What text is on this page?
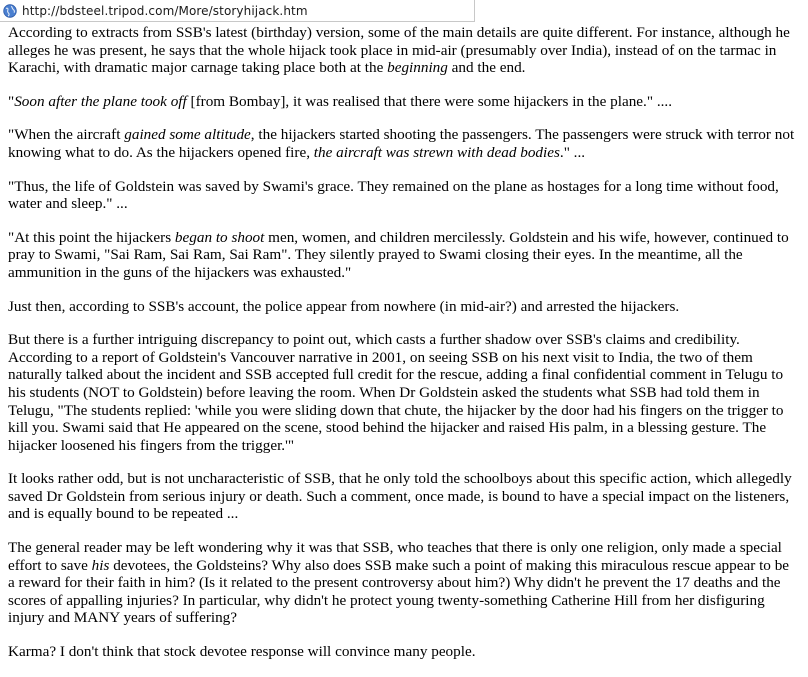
http://bdsteel.tripod.com/More/storyhijack.htm

According to extracts from SSB's latest (birthday) version, some of the main details are quite different. For instance, although he alleges he was present, he says that the whole hijack took place in mid-air (presumably over India), instead of on the tarmac in Karachi, with dramatic major carnage taking place both at the beginning and the end.

"Soon after the plane took off [from Bombay], it was realised that there were some hijackers in the plane." ....

"When the aircraft gained some altitude, the hijackers started shooting the passengers. The passengers were struck with terror not knowing what to do. As the hijackers opened fire, the aircraft was strewn with dead bodies." ...

"Thus, the life of Goldstein was saved by Swami's grace. They remained on the plane as hostages for a long time without food, water and sleep." ...

"At this point the hijackers began to shoot men, women, and children mercilessly. Goldstein and his wife, however, continued to pray to Swami, "Sai Ram, Sai Ram, Sai Ram". They silently prayed to Swami closing their eyes. In the meantime, all the ammunition in the guns of the hijackers was exhausted."

Just then, according to SSB's account, the police appear from nowhere (in mid-air?) and arrested the hijackers.

But there is a further intriguing discrepancy to point out, which casts a further shadow over SSB's claims and credibility. According to a report of Goldstein's Vancouver narrative in 2001, on seeing SSB on his next visit to India, the two of them naturally talked about the incident and SSB accepted full credit for the rescue, adding a final confidential comment in Telugu to his students (NOT to Goldstein) before leaving the room. When Dr Goldstein asked the students what SSB had told them in Telugu, "The students replied: 'while you were sliding down that chute, the hijacker by the door had his fingers on the trigger to kill you. Swami said that He appeared on the scene, stood behind the hijacker and raised His palm, in a blessing gesture. The hijacker loosened his fingers from the trigger.'"

It looks rather odd, but is not uncharacteristic of SSB, that he only told the schoolboys about this specific action, which allegedly saved Dr Goldstein from serious injury or death. Such a comment, once made, is bound to have a special impact on the listeners, and is equally bound to be repeated ...

The general reader may be left wondering why it was that SSB, who teaches that there is only one religion, only made a special effort to save his devotees, the Goldsteins? Why also does SSB make such a point of making this miraculous rescue appear to be a reward for their faith in him? (Is it related to the present controversy about him?) Why didn't he prevent the 17 deaths and the scores of appalling injuries? In particular, why didn't he protect young twenty-something Catherine Hill from her disfiguring injury and MANY years of suffering?

Karma? I don't think that stock devotee response will convince many people.
